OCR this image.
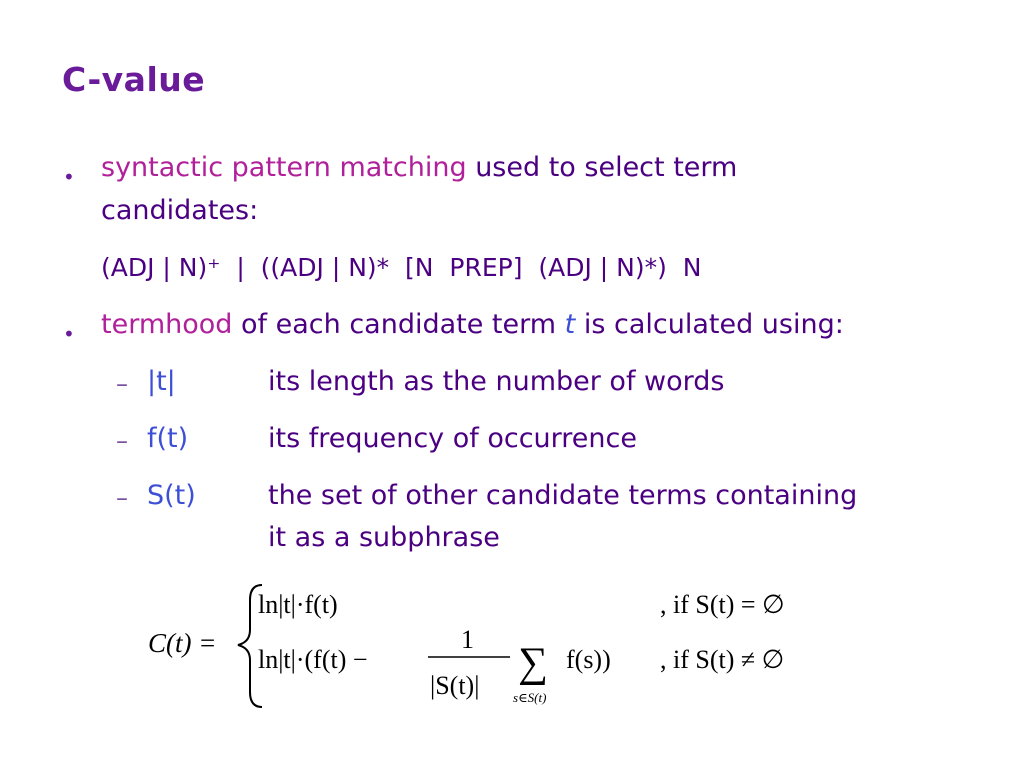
C-value
• syntactic pattern matching used to select term
candidates:
(ADJ | N)⁺  |  ((ADJ | N)*  [N  PREP]  (ADJ | N)*)  N
• termhood of each candidate term t is calculated using:
– |t|	its length as the number of words
– f(t)	its frequency of occurrence
– S(t)	the set of other candidate terms containing
it as a subphrase
C(t) =
ln|t|·f(t)	, if S(t) = ∅
ln|t|·(f(t) −
1
|S(t)| ∑
s∈S(t)
f(s)) , if S(t) ≠ ∅
